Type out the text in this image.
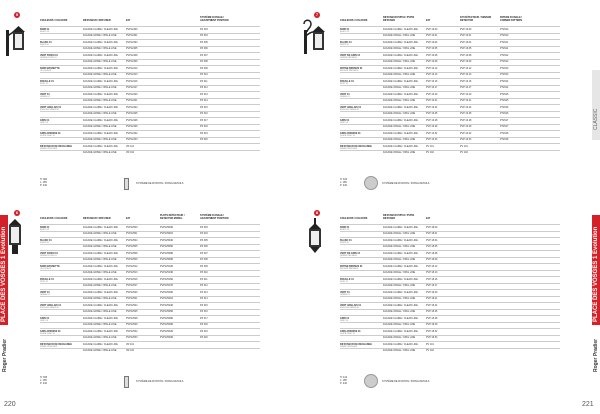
PLACE DES VOSGES 1 Evolution
Roger Pradier
220
5
COULEURS / COLOURS	DIFFUSEUR / DIFFUSER	E27
SYSTÈME D'ANGLE / ADJUSTMENT POSITION
NOIR 01
BLACK 01
FACADE CLAIRE / CLEAR LINE	PVP12400	PZ 303
FACADE GRISE / OPALE LINE	PVP12401	PZ 304
BLANC 01
WHITE 01
FACADE CLAIRE / CLEAR LINE	PVP12404	PZ 305
FACADE GRISE / OPALE LINE	PVP12405	PZ 306
VERT ROSSI 01
GREEN ROSSI 01
FACADE CLAIRE / CLEAR LINE	PVP12408	PZ 307
FACADE GRISE / OPALE LINE	PVP12409	PZ 308
NOIR MASSETTE
OLD BLACK
FACADE CLAIRE / CLEAR LINE	PVP12412	PZ 309
FACADE GRISE / OPALE LINE	PVP12413	PZ 310
ROUILLE 01
RUST 01
FACADE CLAIRE / CLEAR LINE	PVP12416	PZ 311
FACADE GRISE / OPALE LINE	PVP12417	PZ 312
VERT 01
GREEN 01
FACADE CLAIRE / CLEAR LINE	PVP12420	PZ 313
FACADE GRISE / OPALE LINE	PVP12421	PZ 314
VERT ANGLAIS 01
ENGLISH GREEN 01
FACADE CLAIRE / CLEAR LINE	PVP12424	PZ 315
FACADE GRISE / OPALE LINE	PVP12425	PZ 316
GRIS 01
GREY 01
FACADE CLAIRE / CLEAR LINE	PVP12428	PZ 317
FACADE GRISE / OPALE LINE	PVP12429	PZ 318
GRIS ARDOISE 01
SLATE GREY 01
FACADE CLAIRE / CLEAR LINE	PVP12432	PZ 319
FACADE GRISE / OPALE LINE	PVP12433	PZ 320
DIFFUSEUR DE RECHANGE
SPARE DIFFUSER
FACADE CLAIRE / CLEAR LINE	VR 101
FACADE GRISE / OPALE LINE	VR 102
H: 380
L: 185
P: 240
SYSTÈME DE FIXATION / FIXING DETAILS
6
COULEURS / COLOURS	DIFFUSEUR / DIFFUSER	E27
PLOTS DÉTECTEUR / DETECTOR MODEL
SYSTÈME D'ANGLE / ADJUSTMENT POSITION
NOIR 01
BLACK 01
FACADE CLAIRE / CLEAR LINE	PVP12500	PVP12500D	PZ 303
FACADE GRISE / OPALE LINE	PVP12501	PVP12501D	PZ 304
BLANC 01
WHITE 01
FACADE CLAIRE / CLEAR LINE	PVP12504	PVP12504D	PZ 305
FACADE GRISE / OPALE LINE	PVP12505	PVP12505D	PZ 306
VERT ROSSI 01
GREEN ROSSI 01
FACADE CLAIRE / CLEAR LINE	PVP12508	PVP12508D	PZ 307
FACADE GRISE / OPALE LINE	PVP12509	PVP12509D	PZ 308
NOIR MASSETTE
OLD BLACK
FACADE CLAIRE / CLEAR LINE	PVP12512	PVP12512D	PZ 309
FACADE GRISE / OPALE LINE	PVP12513	PVP12513D	PZ 310
ROUILLE 01
RUST 01
FACADE CLAIRE / CLEAR LINE	PVP12516	PVP12516D	PZ 311
FACADE GRISE / OPALE LINE	PVP12517	PVP12517D	PZ 312
VERT 01
GREEN 01
FACADE CLAIRE / CLEAR LINE	PVP12520	PVP12520D	PZ 313
FACADE GRISE / OPALE LINE	PVP12521	PVP12521D	PZ 314
VERT ANGLAIS 01
ENGLISH GREEN 01
FACADE CLAIRE / CLEAR LINE	PVP12524	PVP12524D	PZ 315
FACADE GRISE / OPALE LINE	PVP12525	PVP12525D	PZ 316
GRIS 01
GREY 01
FACADE CLAIRE / CLEAR LINE	PVP12528	PVP12528D	PZ 317
FACADE GRISE / OPALE LINE	PVP12529	PVP12529D	PZ 318
GRIS ARDOISE 01
SLATE GREY 01
FACADE CLAIRE / CLEAR LINE	PVP12532	PVP12532D	PZ 319
FACADE GRISE / OPALE LINE	PVP12533	PVP12533D	PZ 320
DIFFUSEUR DE RECHANGE
SPARE DIFFUSER
FACADE CLAIRE / CLEAR LINE	VR 101
FACADE GRISE / OPALE LINE	VR 102
H: 395
L: 185
P: 240
SYSTÈME DE FIXATION / FIXING DETAILS
CLASSIC
PLACE DES VOSGES 1 Evolution
Roger Pradier
221
7
COULEURS / COLOURS
DIFFUSEUR PVP04 / PVP04 DIFFUSER	E27
KIT DÉTECTEUR / SENSOR DETECTOR
PATERE D'ANGLE / CORNER PATTERN
NOIR 01
BLACK 01
FACADE CLAIRE / CLEAR LINE	PVP 16.00	PVP 16.00	PT2910
FACADE OPALE / OPAL LINE	PVP 16.01	PVP 16.01	PT2910
BLANC 01
WHITE 01
FACADE CLAIRE / CLEAR LINE	PVP 16.04	PVP 16.04	PT2911
FACADE OPALE / OPAL LINE	PVP 16.05	PVP 16.05	PT2911
VERT DE GRIS 01
GREEN PATINA 01
FACADE CLAIRE / CLEAR LINE	PVP 16.08	PVP 16.08	PT2912
FACADE OPALE / OPAL LINE	PVP 16.09	PVP 16.09	PT2912
PATINE BRONZE 01
BRONZE PATINA 01
FACADE CLAIRE / CLEAR LINE	PVP 16.12	PVP 16.12	PT2913
FACADE OPALE / OPAL LINE	PVP 16.13	PVP 16.13	PT2913
ROUILLE 01
RUST 01
FACADE CLAIRE / CLEAR LINE	PVP 16.16	PVP 16.16	PT2914
FACADE OPALE / OPAL LINE	PVP 16.17	PVP 16.17	PT2914
VERT 01
GREEN 01
FACADE CLAIRE / CLEAR LINE	PVP 16.20	PVP 16.20	PT2915
FACADE OPALE / OPAL LINE	PVP 16.21	PVP 16.21	PT2915
VERT ANGLAIS 01
ENGLISH GREEN 01
FACADE CLAIRE / CLEAR LINE	PVP 16.24	PVP 16.24	PT2916
FACADE OPALE / OPAL LINE	PVP 16.25	PVP 16.25	PT2916
GRIS 01
GREY 01
FACADE CLAIRE / CLEAR LINE	PVP 16.28	PVP 16.28	PT2917
FACADE OPALE / OPAL LINE	PVP 16.29	PVP 16.29	PT2917
GRIS ARDOISE 01
SLATE GREY 01
FACADE CLAIRE / CLEAR LINE	PVP 16.32	PVP 16.32	PT2918
FACADE OPALE / OPAL LINE	PVP 16.33	PVP 16.33	PT2918
DIFFUSEUR DE RECHANGE
SPARE DIFFUSER
FACADE CLAIRE / CLEAR LINE	PV 101	PV 101
FACADE OPALE / OPAL LINE	PV 102	PV 102
H: 420
L: 185
P: 240
SYSTÈME DE FIXATION / FIXING DETAILS
8
COULEURS / COLOURS
DIFFUSEUR PVP04 / PVP04 DIFFUSER	E27
NOIR 01
BLACK 01
FACADE CLAIRE / CLEAR LINE	PVP 18.00
FACADE OPALE / OPAL LINE	PVP 18.01
BLANC 01
WHITE 01
FACADE CLAIRE / CLEAR LINE	PVP 18.04
FACADE OPALE / OPAL LINE	PVP 18.05
VERT DE GRIS 01
GREEN PATINA 01
FACADE CLAIRE / CLEAR LINE	PVP 18.08
FACADE OPALE / OPAL LINE	PVP 18.09
PATINE BRONZE 01
BRONZE PATINA 01
FACADE CLAIRE / CLEAR LINE	PVP 18.12
FACADE OPALE / OPAL LINE	PVP 18.13
ROUILLE 01
RUST 01
FACADE CLAIRE / CLEAR LINE	PVP 18.16
FACADE OPALE / OPAL LINE	PVP 18.17
VERT 01
GREEN 01
FACADE CLAIRE / CLEAR LINE	PVP 18.20
FACADE OPALE / OPAL LINE	PVP 18.21
VERT ANGLAIS 01
ENGLISH GREEN 01
FACADE CLAIRE / CLEAR LINE	PVP 18.24
FACADE OPALE / OPAL LINE	PVP 18.25
GRIS 01
GREY 01
FACADE CLAIRE / CLEAR LINE	PVP 18.28
FACADE OPALE / OPAL LINE	PVP 18.29
GRIS ARDOISE 01
SLATE GREY 01
FACADE CLAIRE / CLEAR LINE	PVP 18.32
FACADE OPALE / OPAL LINE	PVP 18.33
DIFFUSEUR DE RECHANGE
SPARE DIFFUSER
FACADE CLAIRE / CLEAR LINE	PV 101
FACADE OPALE / OPAL LINE	PV 102
H: 410
L: 185
P: 240
SYSTÈME DE FIXATION / FIXING DETAILS
